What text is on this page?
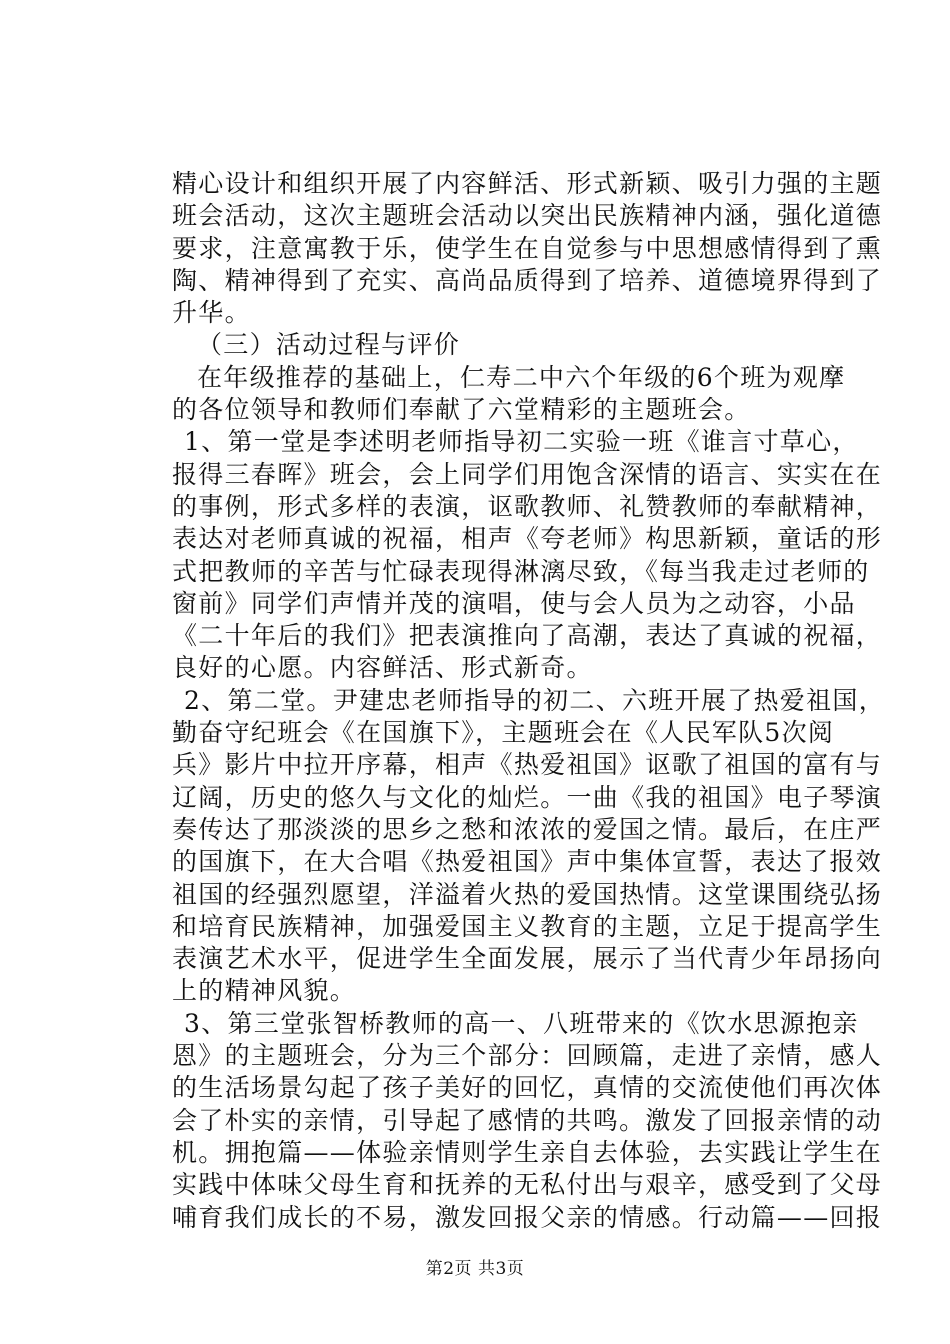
精心设计和组织开展了内容鲜活、形式新颖、吸引力强的主题
班会活动，这次主题班会活动以突出民族精神内涵，强化道德
要求，注意寓教于乐，使学生在自觉参与中思想感情得到了熏
陶、精神得到了充实、高尚品质得到了培养、道德境界得到了
升华。
（三）活动过程与评价
在年级推荐的基础上，仁寿二中六个年级的6个班为观摩
的各位领导和教师们奉献了六堂精彩的主题班会。
1、第一堂是李述明老师指导初二实验一班《谁言寸草心，
报得三春晖》班会，会上同学们用饱含深情的语言、实实在在
的事例，形式多样的表演，讴歌教师、礼赞教师的奉献精神，
表达对老师真诚的祝福，相声《夸老师》构思新颖，童话的形
式把教师的辛苦与忙碌表现得淋漓尽致，《每当我走过老师的
窗前》同学们声情并茂的演唱，使与会人员为之动容，小品
《二十年后的我们》把表演推向了高潮，表达了真诚的祝福，
良好的心愿。内容鲜活、形式新奇。
2、第二堂。尹建忠老师指导的初二、六班开展了热爱祖国，
勤奋守纪班会《在国旗下》，主题班会在《人民军队5次阅
兵》影片中拉开序幕，相声《热爱祖国》讴歌了祖国的富有与
辽阔，历史的悠久与文化的灿烂。一曲《我的祖国》电子琴演
奏传达了那淡淡的思乡之愁和浓浓的爱国之情。最后，在庄严
的国旗下，在大合唱《热爱祖国》声中集体宣誓，表达了报效
祖国的经强烈愿望，洋溢着火热的爱国热情。这堂课围绕弘扬
和培育民族精神，加强爱国主义教育的主题，立足于提高学生
表演艺术水平，促进学生全面发展，展示了当代青少年昂扬向
上的精神风貌。
3、第三堂张智桥教师的高一、八班带来的《饮水思源抱亲
恩》的主题班会，分为三个部分：回顾篇，走进了亲情，感人
的生活场景勾起了孩子美好的回忆，真情的交流使他们再次体
会了朴实的亲情，引导起了感情的共鸣。激发了回报亲情的动
机。拥抱篇——体验亲情则学生亲自去体验，去实践让学生在
实践中体味父母生育和抚养的无私付出与艰辛，感受到了父母
哺育我们成长的不易，激发回报父亲的情感。行动篇——回报
第2页 共3页
